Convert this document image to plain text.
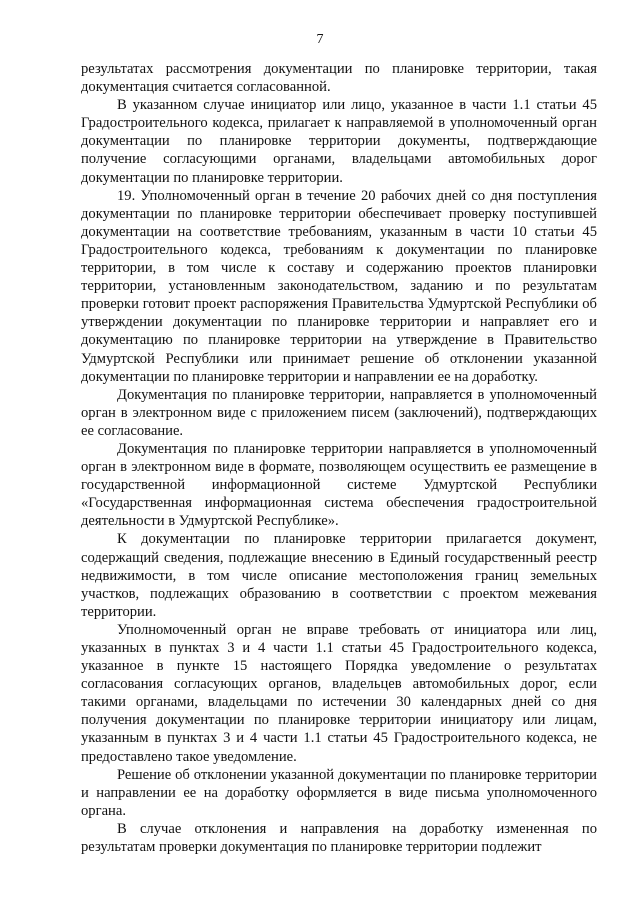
7

результатах рассмотрения документации по планировке территории, такая документация считается согласованной.

В указанном случае инициатор или лицо, указанное в части 1.1 статьи 45 Градостроительного кодекса, прилагает к направляемой в уполномоченный орган документации по планировке территории документы, подтверждающие получение согласующими органами, владельцами автомобильных дорог документации по планировке территории.

19. Уполномоченный орган в течение 20 рабочих дней со дня поступления документации по планировке территории обеспечивает проверку поступившей документации на соответствие требованиям, указанным в части 10 статьи 45 Градостроительного кодекса, требованиям к документации по планировке территории, в том числе к составу и содержанию проектов планировки территории, установленным законодательством, заданию и по результатам проверки готовит проект распоряжения Правительства Удмуртской Республики об утверждении документации по планировке территории и направляет его и документацию по планировке территории на утверждение в Правительство Удмуртской Республики или принимает решение об отклонении указанной документации по планировке территории и направлении ее на доработку.

Документация по планировке территории, направляется в уполномоченный орган в электронном виде с приложением писем (заключений), подтверждающих ее согласование.

Документация по планировке территории направляется в уполномоченный орган в электронном виде в формате, позволяющем осуществить ее размещение в государственной информационной системе Удмуртской Республики «Государственная информационная система обеспечения градостроительной деятельности в Удмуртской Республике».

К документации по планировке территории прилагается документ, содержащий сведения, подлежащие внесению в Единый государственный реестр недвижимости, в том числе описание местоположения границ земельных участков, подлежащих образованию в соответствии с проектом межевания территории.

Уполномоченный орган не вправе требовать от инициатора или лиц, указанных в пунктах 3 и 4 части 1.1 статьи 45 Градостроительного кодекса, указанное в пункте 15 настоящего Порядка уведомление о результатах согласования согласующих органов, владельцев автомобильных дорог, если такими органами, владельцами по истечении 30 календарных дней со дня получения документации по планировке территории инициатору или лицам, указанным в пунктах 3 и 4 части 1.1 статьи 45 Градостроительного кодекса, не предоставлено такое уведомление.

Решение об отклонении указанной документации по планировке территории и направлении ее на доработку оформляется в виде письма уполномоченного органа.

В случае отклонения и направления на доработку измененная по результатам проверки документация по планировке территории подлежит
